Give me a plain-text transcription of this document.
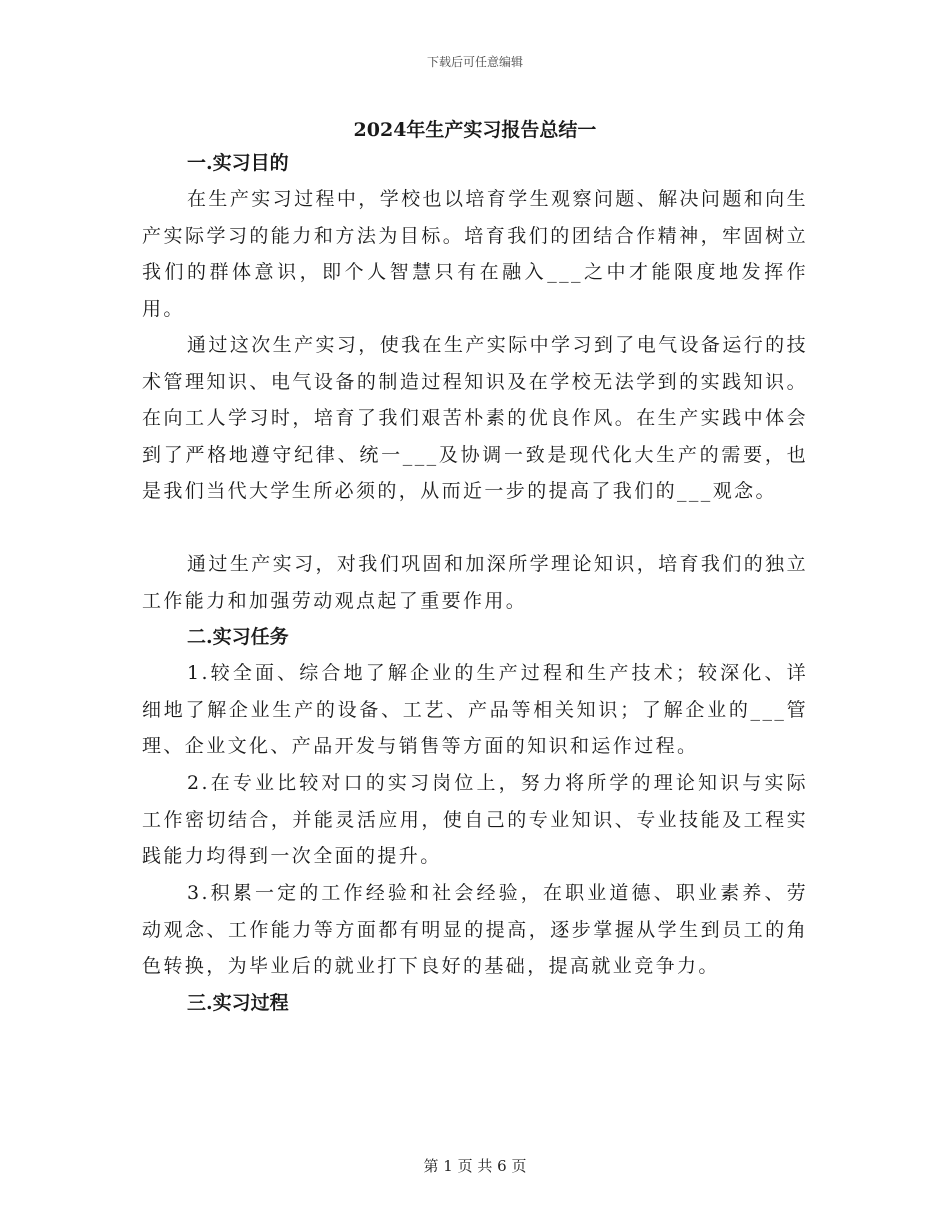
下载后可任意编辑
2024年生产实习报告总结一
一.实习目的

在生产实习过程中，学校也以培育学生观察问题、解决问题和向生产实际学习的能力和方法为目标。培育我们的团结合作精神，牢固树立我们的群体意识，即个人智慧只有在融入___之中才能限度地发挥作用。

通过这次生产实习，使我在生产实际中学习到了电气设备运行的技术管理知识、电气设备的制造过程知识及在学校无法学到的实践知识。在向工人学习时，培育了我们艰苦朴素的优良作风。在生产实践中体会到了严格地遵守纪律、统一___及协调一致是现代化大生产的需要，也是我们当代大学生所必须的，从而近一步的提高了我们的___观念。

通过生产实习，对我们巩固和加深所学理论知识，培育我们的独立工作能力和加强劳动观点起了重要作用。

二.实习任务

1.较全面、综合地了解企业的生产过程和生产技术；较深化、详细地了解企业生产的设备、工艺、产品等相关知识；了解企业的___管理、企业文化、产品开发与销售等方面的知识和运作过程。

2.在专业比较对口的实习岗位上，努力将所学的理论知识与实际工作密切结合，并能灵活应用，使自己的专业知识、专业技能及工程实践能力均得到一次全面的提升。

3.积累一定的工作经验和社会经验，在职业道德、职业素养、劳动观念、工作能力等方面都有明显的提高，逐步掌握从学生到员工的角色转换，为毕业后的就业打下良好的基础，提高就业竞争力。

三.实习过程
第 1 页 共 6 页
